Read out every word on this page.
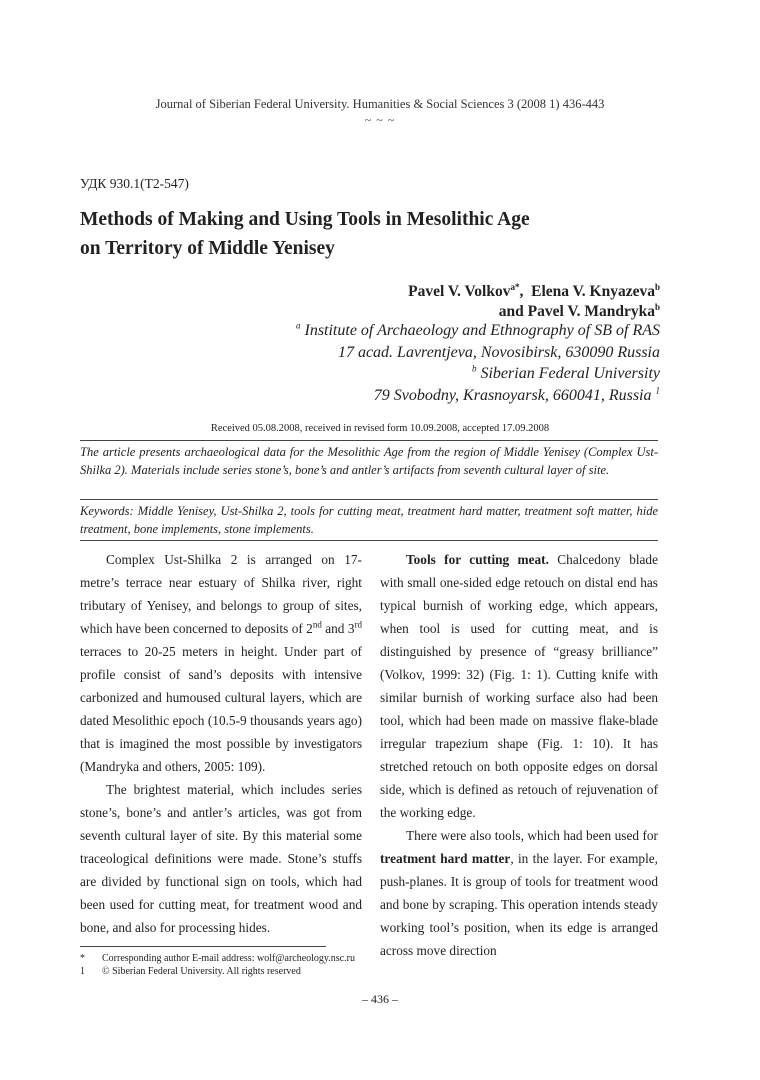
Journal of Siberian Federal University. Humanities & Social Sciences 3 (2008 1) 436-443
~ ~ ~
УДК 930.1(Т2-547)
Methods of Making and Using Tools in Mesolithic Age
on Territory of Middle Yenisey
Pavel V. Volkov$^{a*}$,  Elena V. Knyazeva$^b$
and Pavel V. Mandryka$^b$
$^a$ Institute of Archaeology and Ethnography of SB of RAS
17 acad. Lavrentjeva, Novosibirsk, 630090 Russia
$^b$ Siberian Federal University
79 Svobodny, Krasnoyarsk, 660041, Russia $^1$
Received 05.08.2008, received in revised form 10.09.2008, accepted 17.09.2008
The article presents archaeological data for the Mesolithic Age from the region of Middle Yenisey (Complex Ust-Shilka 2). Materials include series stone’s, bone’s and antler’s artifacts from seventh cultural layer of site.
Keywords: Middle Yenisey, Ust-Shilka 2, tools for cutting meat, treatment hard matter, treatment soft matter, hide treatment, bone implements, stone implements.

Complex Ust-Shilka 2 is arranged on 17-metre’s terrace near estuary of Shilka river, right tributary of Yenisey, and belongs to group of sites, which have been concerned to deposits of 2nd and 3rd terraces to 20-25 meters in height. Under part of profile consist of sand’s deposits with intensive carbonized and humoused cultural layers, which are dated Mesolithic epoch (10.5-9 thousands years ago) that is imagined the most possible by investigators (Mandryka and others, 2005: 109).

The brightest material, which includes series stone’s, bone’s and antler’s articles, was got from seventh cultural layer of site. By this material some traceological definitions were made. Stone’s stuffs are divided by functional sign on tools, which had been used for cutting meat, for treatment wood and bone, and also for processing hides.

Tools for cutting meat. Chalcedony blade with small one-sided edge retouch on distal end has typical burnish of working edge, which appears, when tool is used for cutting meat, and is distinguished by presence of “greasy brilliance” (Volkov, 1999: 32) (Fig. 1: 1). Cutting knife with similar burnish of working surface also had been tool, which had been made on massive flake-blade irregular trapezium shape (Fig. 1: 10). It has stretched retouch on both opposite edges on dorsal side, which is defined as retouch of rejuvenation of the working edge.

There were also tools, which had been used for treatment hard matter, in the layer. For example, push-planes. It is group of tools for treatment wood and bone by scraping. This operation intends steady working tool’s position, when its edge is arranged across move direction

* Corresponding author E-mail address: wolf@archeology.nsc.ru
1 © Siberian Federal University. All rights reserved
– 436 –
